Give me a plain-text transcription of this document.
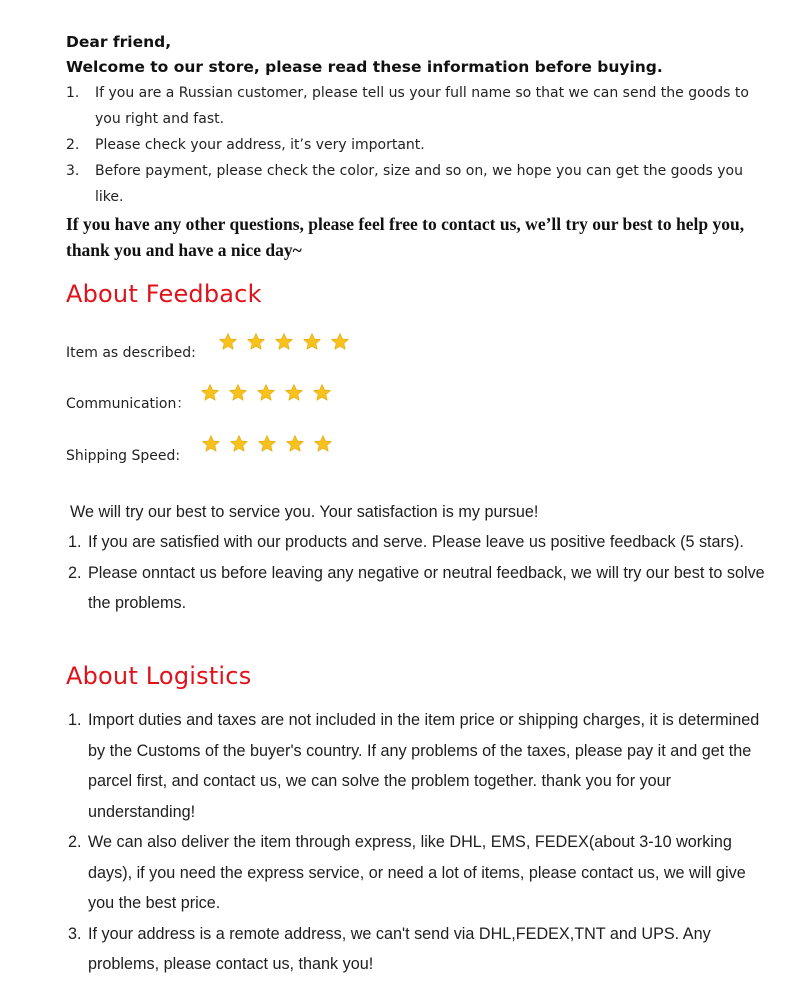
Dear friend,
Welcome to our store, please read these information before buying.
1. If you are a Russian customer, please tell us your full name so that we can send the goods to you right and fast.
2. Please check your address, it’s very important.
3. Before payment, please check the color, size and so on, we hope you can get the goods you like.
If you have any other questions, please feel free to contact us, we’ll try our best to help you, thank you and have a nice day~
About Feedback
Item as described:
Communication：
Shipping Speed:

We will try our best to service you. Your satisfaction is my pursue!

1. If you are satisfied with our products and serve. Please leave us positive feedback (5 stars).
2. Please onntact us before leaving any negative or neutral feedback, we will try our best to solve the problems.
About Logistics
1. Import duties and taxes are not included in the item price or shipping charges, it is determined by the Customs of the buyer's country. If any problems of the taxes, please pay it and get the parcel first, and contact us, we can solve the problem together. thank you for your understanding!
2. We can also deliver the item through express, like DHL, EMS, FEDEX(about 3-10 working days), if you need the express service, or need a lot of items, please contact us, we will give you the best price.
3. If your address is a remote address, we can't send via DHL,FEDEX,TNT and UPS. Any problems, please contact us, thank you!
